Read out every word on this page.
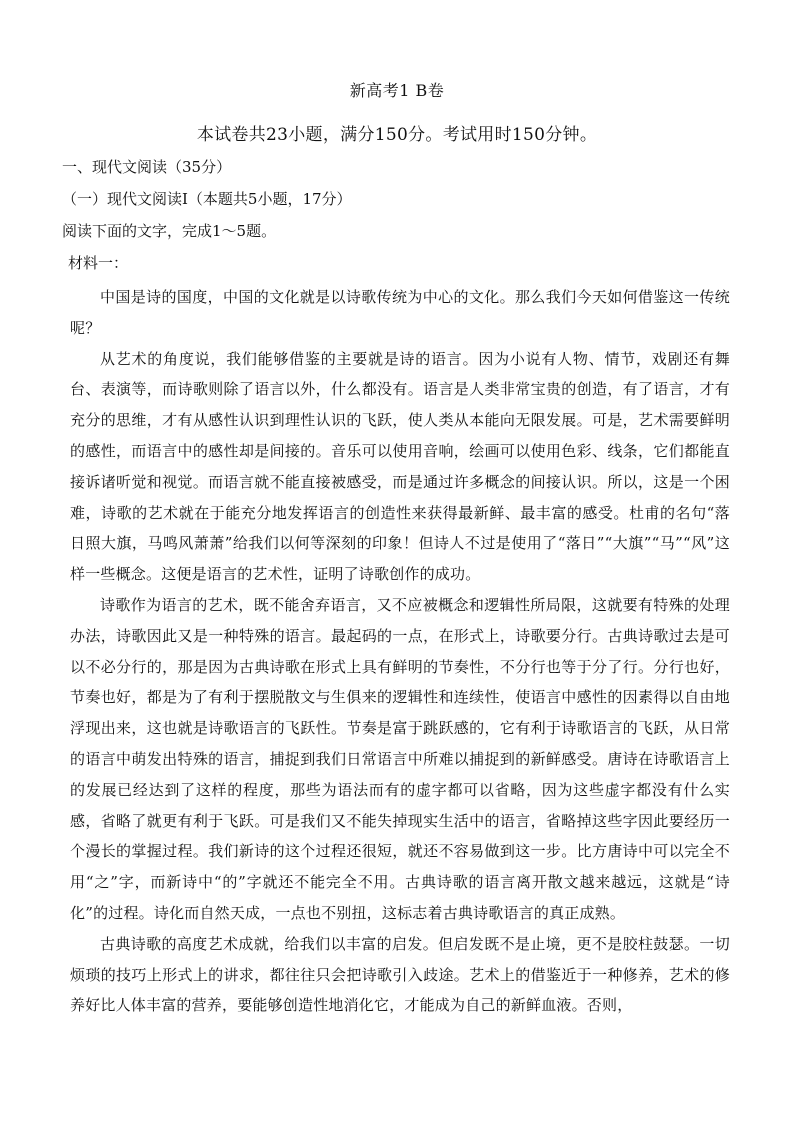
新高考1 B卷
本试卷共23小题，满分150分。考试用时150分钟。
一、现代文阅读（35分）
（一）现代文阅读Ⅰ（本题共5小题，17分）
阅读下面的文字，完成1～5题。
材料一：

中国是诗的国度，中国的文化就是以诗歌传统为中心的文化。那么我们今天如何借鉴这一传统呢？

从艺术的角度说，我们能够借鉴的主要就是诗的语言。因为小说有人物、情节，戏剧还有舞台、表演等，而诗歌则除了语言以外，什么都没有。语言是人类非常宝贵的创造，有了语言，才有充分的思维，才有从感性认识到理性认识的飞跃，使人类从本能向无限发展。可是，艺术需要鲜明的感性，而语言中的感性却是间接的。音乐可以使用音响，绘画可以使用色彩、线条，它们都能直接诉诸听觉和视觉。而语言就不能直接被感受，而是通过许多概念的间接认识。所以，这是一个困难，诗歌的艺术就在于能充分地发挥语言的创造性来获得最新鲜、最丰富的感受。杜甫的名句“落日照大旗，马鸣风萧萧”给我们以何等深刻的印象！但诗人不过是使用了“落日”“大旗”“马”“风”这样一些概念。这便是语言的艺术性，证明了诗歌创作的成功。

诗歌作为语言的艺术，既不能舍弃语言，又不应被概念和逻辑性所局限，这就要有特殊的处理办法，诗歌因此又是一种特殊的语言。最起码的一点，在形式上，诗歌要分行。古典诗歌过去是可以不必分行的，那是因为古典诗歌在形式上具有鲜明的节奏性，不分行也等于分了行。分行也好，节奏也好，都是为了有利于摆脱散文与生俱来的逻辑性和连续性，使语言中感性的因素得以自由地浮现出来，这也就是诗歌语言的飞跃性。节奏是富于跳跃感的，它有利于诗歌语言的飞跃，从日常的语言中萌发出特殊的语言，捕捉到我们日常语言中所难以捕捉到的新鲜感受。唐诗在诗歌语言上的发展已经达到了这样的程度，那些为语法而有的虚字都可以省略，因为这些虚字都没有什么实感，省略了就更有利于飞跃。可是我们又不能失掉现实生活中的语言，省略掉这些字因此要经历一个漫长的掌握过程。我们新诗的这个过程还很短，就还不容易做到这一步。比方唐诗中可以完全不用“之”字，而新诗中“的”字就还不能完全不用。古典诗歌的语言离开散文越来越远，这就是“诗化”的过程。诗化而自然天成，一点也不别扭，这标志着古典诗歌语言的真正成熟。

古典诗歌的高度艺术成就，给我们以丰富的启发。但启发既不是止境，更不是胶柱鼓瑟。一切烦琐的技巧上形式上的讲求，都往往只会把诗歌引入歧途。艺术上的借鉴近于一种修养，艺术的修养好比人体丰富的营养，要能够创造性地消化它，才能成为自己的新鲜血液。否则，
